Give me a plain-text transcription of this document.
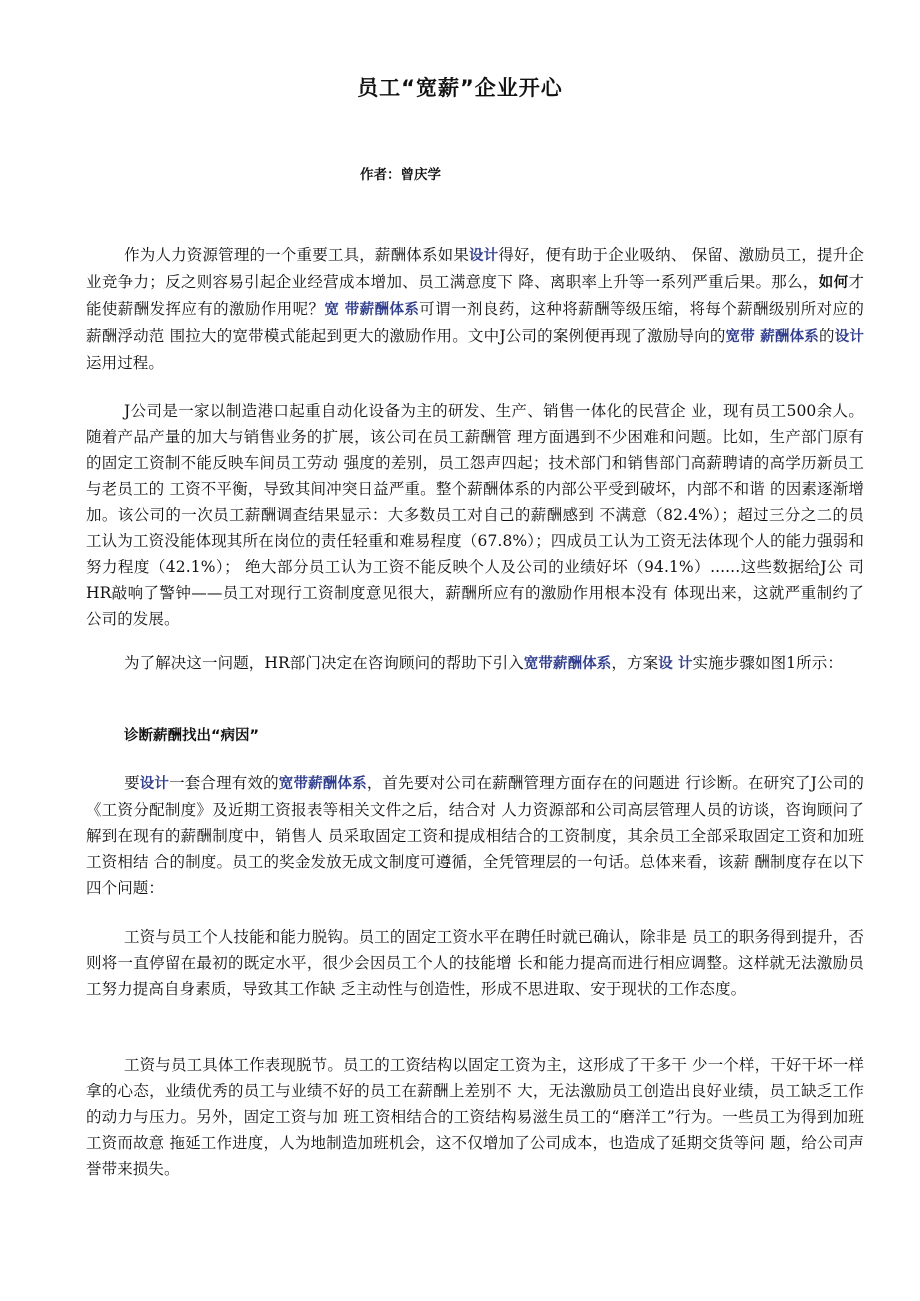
员工“宽薪”企业开心
作者：曾庆学

作为人力资源管理的一个重要工具，薪酬体系如果设计得好，便有助于企业吸纳、 保留、激励员工，提升企业竞争力；反之则容易引起企业经营成本增加、员工满意度下 降、离职率上升等一系列严重后果。那么，如何才能使薪酬发挥应有的激励作用呢？宽 带薪酬体系可谓一剂良药，这种将薪酬等级压缩，将每个薪酬级别所对应的薪酬浮动范 围拉大的宽带模式能起到更大的激励作用。文中J公司的案例便再现了激励导向的宽带 薪酬体系的设计运用过程。

J公司是一家以制造港口起重自动化设备为主的研发、生产、销售一体化的民营企 业，现有员工500余人。随着产品产量的加大与销售业务的扩展，该公司在员工薪酬管 理方面遇到不少困难和问题。比如，生产部门原有的固定工资制不能反映车间员工劳动 强度的差别，员工怨声四起；技术部门和销售部门高薪聘请的高学历新员工与老员工的 工资不平衡，导致其间冲突日益严重。整个薪酬体系的内部公平受到破坏，内部不和谐 的因素逐渐增加。该公司的一次员工薪酬调查结果显示：大多数员工对自己的薪酬感到 不满意（82.4%）；超过三分之二的员工认为工资没能体现其所在岗位的责任轻重和难易程度（67.8%）；四成员工认为工资无法体现个人的能力强弱和努力程度（42.1%）； 绝大部分员工认为工资不能反映个人及公司的业绩好坏（94.1%）......这些数据给J公 司HR敲响了警钟——员工对现行工资制度意见很大，薪酬所应有的激励作用根本没有 体现出来，这就严重制约了公司的发展。

为了解决这一问题，HR部门决定在咨询顾问的帮助下引入宽带薪酬体系，方案设 计实施步骤如图1所示：

诊断薪酬找出“病因”

要设计一套合理有效的宽带薪酬体系，首先要对公司在薪酬管理方面存在的问题进 行诊断。在研究了J公司的《工资分配制度》及近期工资报表等相关文件之后，结合对 人力资源部和公司高层管理人员的访谈，咨询顾问了解到在现有的薪酬制度中，销售人 员采取固定工资和提成相结合的工资制度，其余员工全部采取固定工资和加班工资相结 合的制度。员工的奖金发放无成文制度可遵循，全凭管理层的一句话。总体来看，该薪 酬制度存在以下四个问题：

工资与员工个人技能和能力脱钩。员工的固定工资水平在聘任时就已确认，除非是 员工的职务得到提升，否则将一直停留在最初的既定水平，很少会因员工个人的技能增 长和能力提高而进行相应调整。这样就无法激励员工努力提高自身素质，导致其工作缺 乏主动性与创造性，形成不思进取、安于现状的工作态度。

工资与员工具体工作表现脱节。员工的工资结构以固定工资为主，这形成了干多干 少一个样，干好干坏一样拿的心态，业绩优秀的员工与业绩不好的员工在薪酬上差别不 大，无法激励员工创造出良好业绩，员工缺乏工作的动力与压力。另外，固定工资与加 班工资相结合的工资结构易滋生员工的“磨洋工”行为。一些员工为得到加班工资而故意 拖延工作进度，人为地制造加班机会，这不仅增加了公司成本，也造成了延期交货等问 题，给公司声誉带来损失。
